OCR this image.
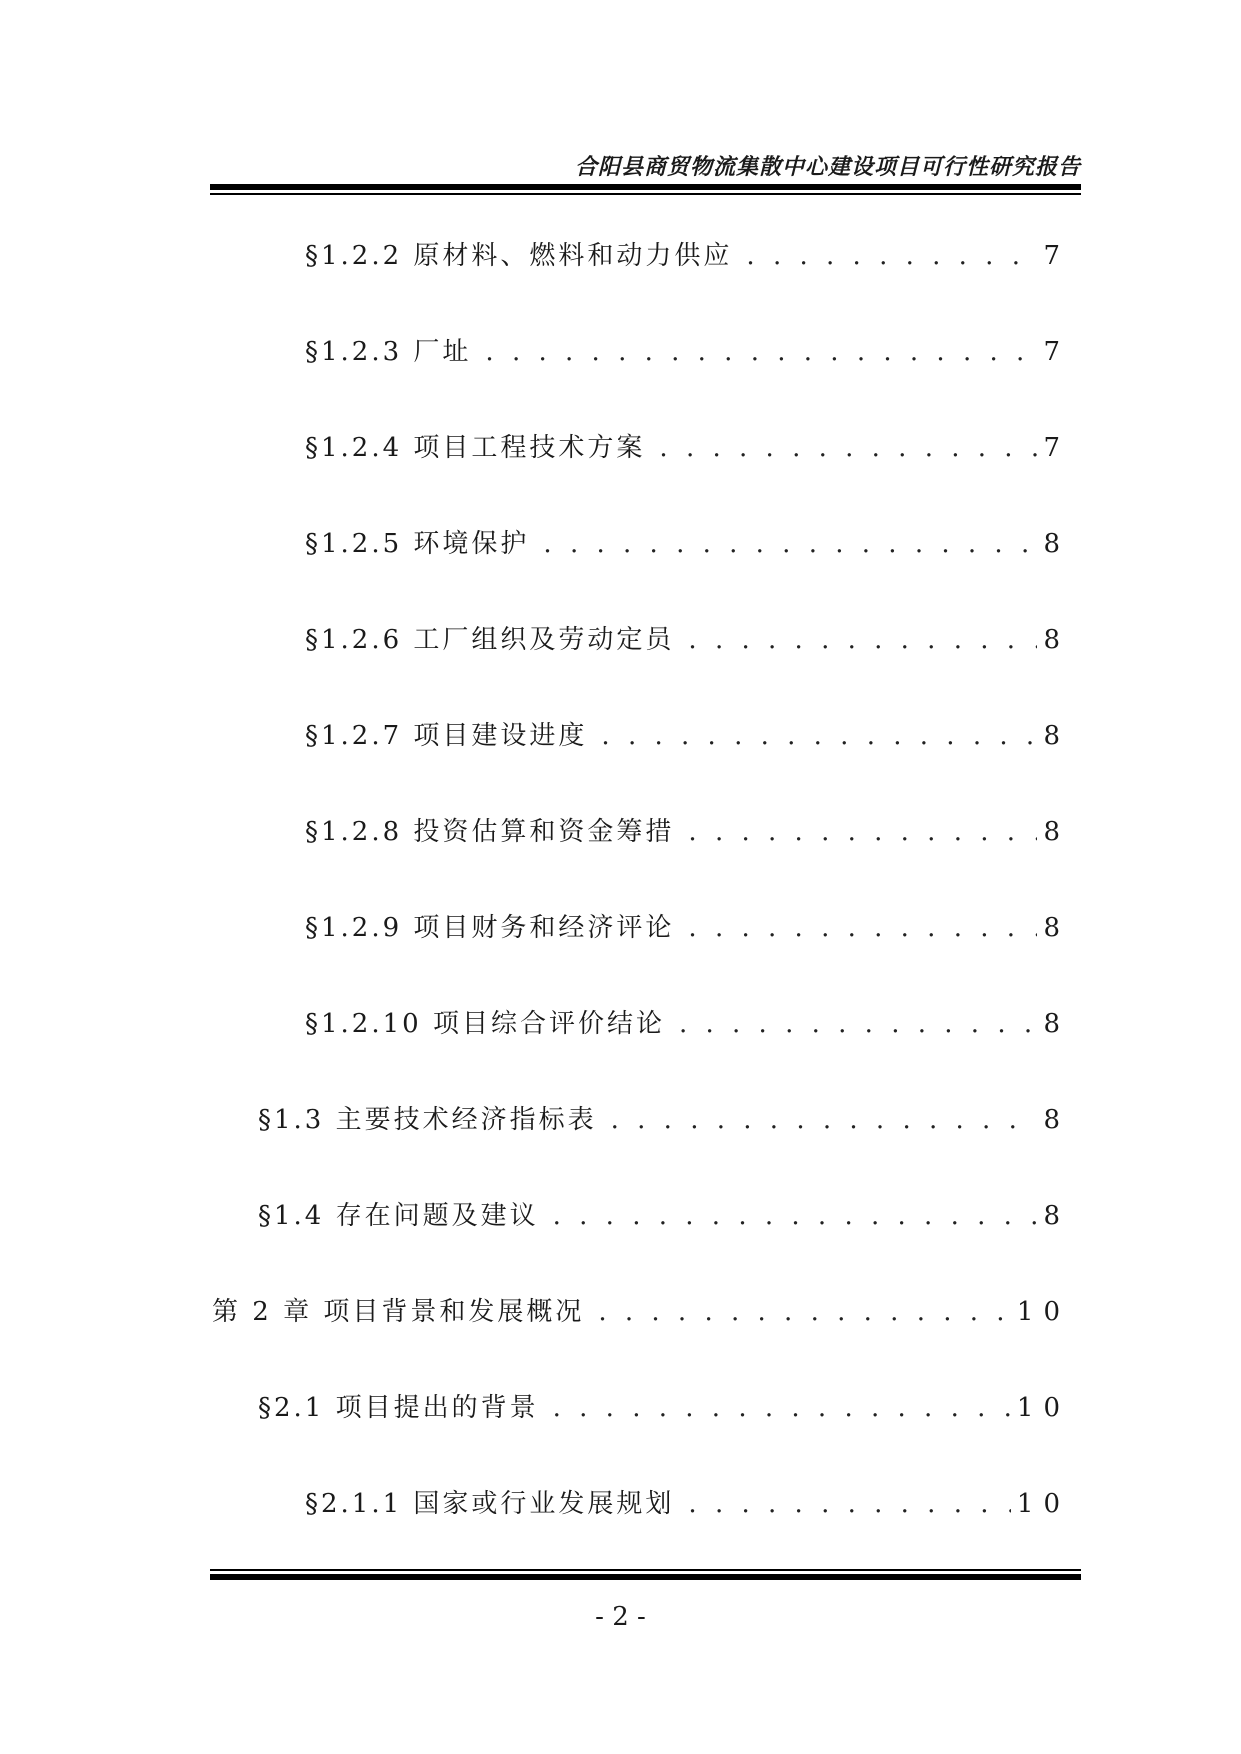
合阳县商贸物流集散中心建设项目可行性研究报告
§1.2.2 原材料、燃料和动力供应 . . .	7
§1.2.3 厂址 . . .	7
§1.2.4 项目工程技术方案 . . .	7
§1.2.5 环境保护 . . .	8
§1.2.6 工厂组织及劳动定员 . . .	8
§1.2.7 项目建设进度 . . .	8
§1.2.8 投资估算和资金筹措 . . .	8
§1.2.9 项目财务和经济评论 . . .	8
§1.2.10 项目综合评价结论 . . .	8
§1.3 主要技术经济指标表 . . .	8
§1.4 存在问题及建议 . . .	8
第 2 章 项目背景和发展概况 . . .	10
§2.1 项目提出的背景 . . .	10
§2.1.1 国家或行业发展规划 . . .	10
- 2 -
